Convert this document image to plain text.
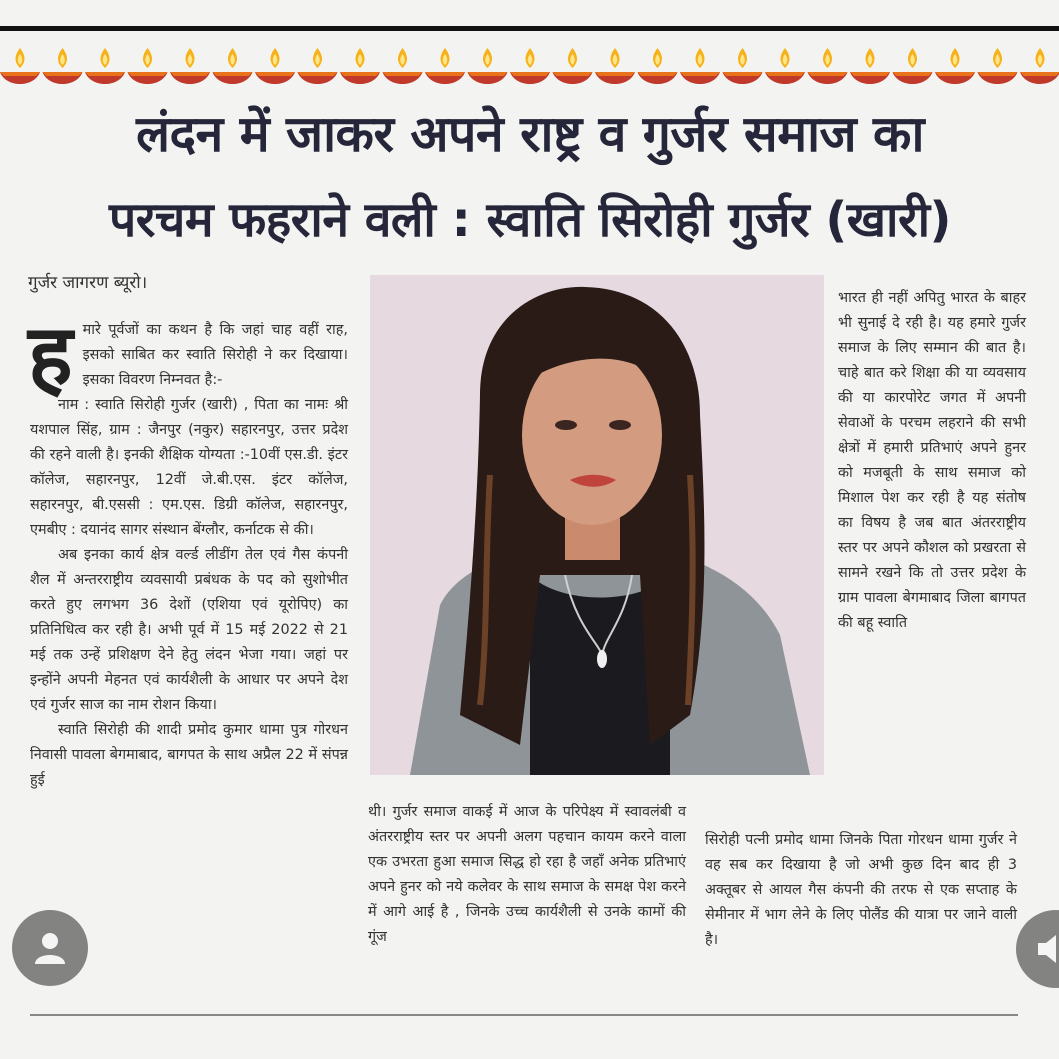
लंदन में जाकर अपने राष्ट्र व गुर्जर समाज का
परचम फहराने वली : स्वाति सिरोही गुर्जर (खारी)
गुर्जर जागरण ब्यूरो।
ह मारे पूर्वजों का कथन है कि जहां चाह वहीं राह, इसको साबित कर स्वाति सिरोही ने कर दिखाया। इसका विवरण निम्नवत है:-

नाम : स्वाति सिरोही गुर्जर (खारी) , पिता का नामः श्री यशपाल सिंह, ग्राम : जैनपुर (नकुर) सहारनपुर, उत्तर प्रदेश की रहने वाली है। इनकी शैक्षिक योग्यता :-10वीं एस.डी. इंटर कॉलेज, सहारनपुर, 12वीं जे.बी.एस. इंटर कॉलेज, सहारनपुर, बी.एससी : एम.एस. डिग्री कॉलेज, सहारनपुर, एमबीए : दयानंद सागर संस्थान बेंग्लौर, कर्नाटक से की।

अब इनका कार्य क्षेत्र वर्ल्ड लीडींग तेल एवं गैस कंपनी शैल में अन्तरराष्ट्रीय व्यवसायी प्रबंधक के पद को सुशोभीत करते हुए लगभग 36 देशों (एशिया एवं यूरोपिए) का प्रतिनिधित्व कर रही है। अभी पूर्व में 15 मई 2022 से 21 मई तक उन्हें प्रशिक्षण देने हेतु लंदन भेजा गया। जहां पर इन्होंने अपनी मेहनत एवं कार्यशैली के आधार पर अपने देश एवं गुर्जर साज का नाम रोशन किया।

स्वाति सिरोही की शादी प्रमोद कुमार धामा पुत्र गोरधन निवासी पावला बेगमाबाद, बागपत के साथ अप्रैल 22 में संपन्न हुई

भारत ही नहीं अपितु भारत के बाहर भी सुनाई दे रही है। यह हमारे गुर्जर समाज के लिए सम्मान की बात है। चाहे बात करे शिक्षा की या व्यवसाय की या कारपोरेट जगत में अपनी सेवाओं के परचम लहराने की सभी क्षेत्रों में हमारी प्रतिभाएं अपने हुनर को मजबूती के साथ समाज को मिशाल पेश कर रही है यह संतोष का विषय है जब बात अंतरराष्ट्रीय स्तर पर अपने कौशल को प्रखरता से सामने रखने कि तो उत्तर प्रदेश के ग्राम पावला बेगमाबाद जिला बागपत की बहू स्वाति

थी। गुर्जर समाज वाकई में आज के परिपेक्ष्य में स्वावलंबी व अंतरराष्ट्रीय स्तर पर अपनी अलग पहचान कायम करने वाला एक उभरता हुआ समाज सिद्ध हो रहा है जहाँ अनेक प्रतिभाएं अपने हुनर को नये कलेवर के साथ समाज के समक्ष पेश करने में आगे आई है , जिनके उच्च कार्यशैली से उनके कामों की गूंज

सिरोही पत्नी प्रमोद धामा जिनके पिता गोरधन धामा गुर्जर ने वह सब कर दिखाया है जो अभी कुछ दिन बाद ही 3 अक्तूबर से आयल गैस कंपनी की तरफ से एक सप्ताह के सेमीनार में भाग लेने के लिए पोलैंड की यात्रा पर जाने वाली है।
